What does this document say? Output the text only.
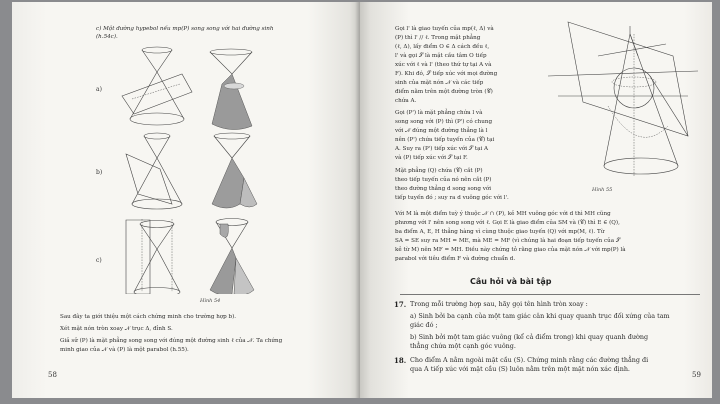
c) Một đường hypebol nếu mp(P) song song với hai đường sinh
(h.54c).
a)
b)
c)
Hình 54
Sau đây ta giới thiệu một cách chứng minh cho trường hợp b).
Xét mặt nón tròn xoay 𝒩 trục Δ, đỉnh S.
Giả sử (P) là mặt phẳng song song với đúng một đường sinh ℓ của 𝒩. Ta chứng
minh giao của 𝒩 và (P) là một parabol (h.55).
58
Gọi l' là giao tuyến của mp(ℓ, Δ) và
(P) thì l' // ℓ. Trong mặt phẳng
(ℓ, Δ), lấy điểm O ∈ Δ cách đều ℓ,
l' và gọi 𝒮 là mặt cầu tâm O tiếp
xúc với ℓ và l' (theo thứ tự tại A và
F). Khi đó, 𝒮 tiếp xúc với mọi đường
sinh của mặt nón 𝒩 và các tiếp
điểm nằm trên một đường tròn (𝒞)
chứa A.
Gọi (P') là mặt phẳng chứa l và
song song với (P) thì (P') có chung
với 𝒩 đúng một đường thẳng là l
nên (P') chứa tiếp tuyến của (𝒞) tại
A. Suy ra (P') tiếp xúc với 𝒮 tại A
và (P) tiếp xúc với 𝒮 tại F.
Mặt phẳng (Q) chứa (𝒞) cắt (P)
theo tiếp tuyến của nó nên cắt (P)
theo đường thẳng d song song với
tiếp tuyến đó ; suy ra d vuông góc với l'.
Hình 55
Với M là một điểm tuỳ ý thuộc 𝒩 ∩ (P), kẻ MH vuông góc với d thì MH cũng
phương với l' nên song song với ℓ. Gọi E là giao điểm của SM và (𝒞) thì E ∈ (Q),
ba điểm A, E, H thẳng hàng vì cùng thuộc giao tuyến (Q) với mp(M, ℓ). Từ
SA = SE suy ra MH = ME, mà ME = MF (vì chúng là hai đoạn tiếp tuyến của 𝒮
kẻ từ M) nên MF = MH. Điều này chứng tỏ rằng giao của mặt nón 𝒩 với mp(P) là
parabol với tiêu điểm F và đường chuẩn d.
Câu hỏi và bài tập
17. Trong mỗi trường hợp sau, hãy gọi tên hình tròn xoay :
a) Sinh bởi ba cạnh của một tam giác cân khi quay quanh trục đối xứng của tam
giác đó ;
b) Sinh bởi một tam giác vuông (kể cả điểm trong) khi quay quanh đường
thẳng chứa một cạnh góc vuông.
18. Cho điểm A nằm ngoài mặt cầu (S). Chứng minh rằng các đường thẳng đi
qua A tiếp xúc với mặt cầu (S) luôn nằm trên một mặt nón xác định.
59
